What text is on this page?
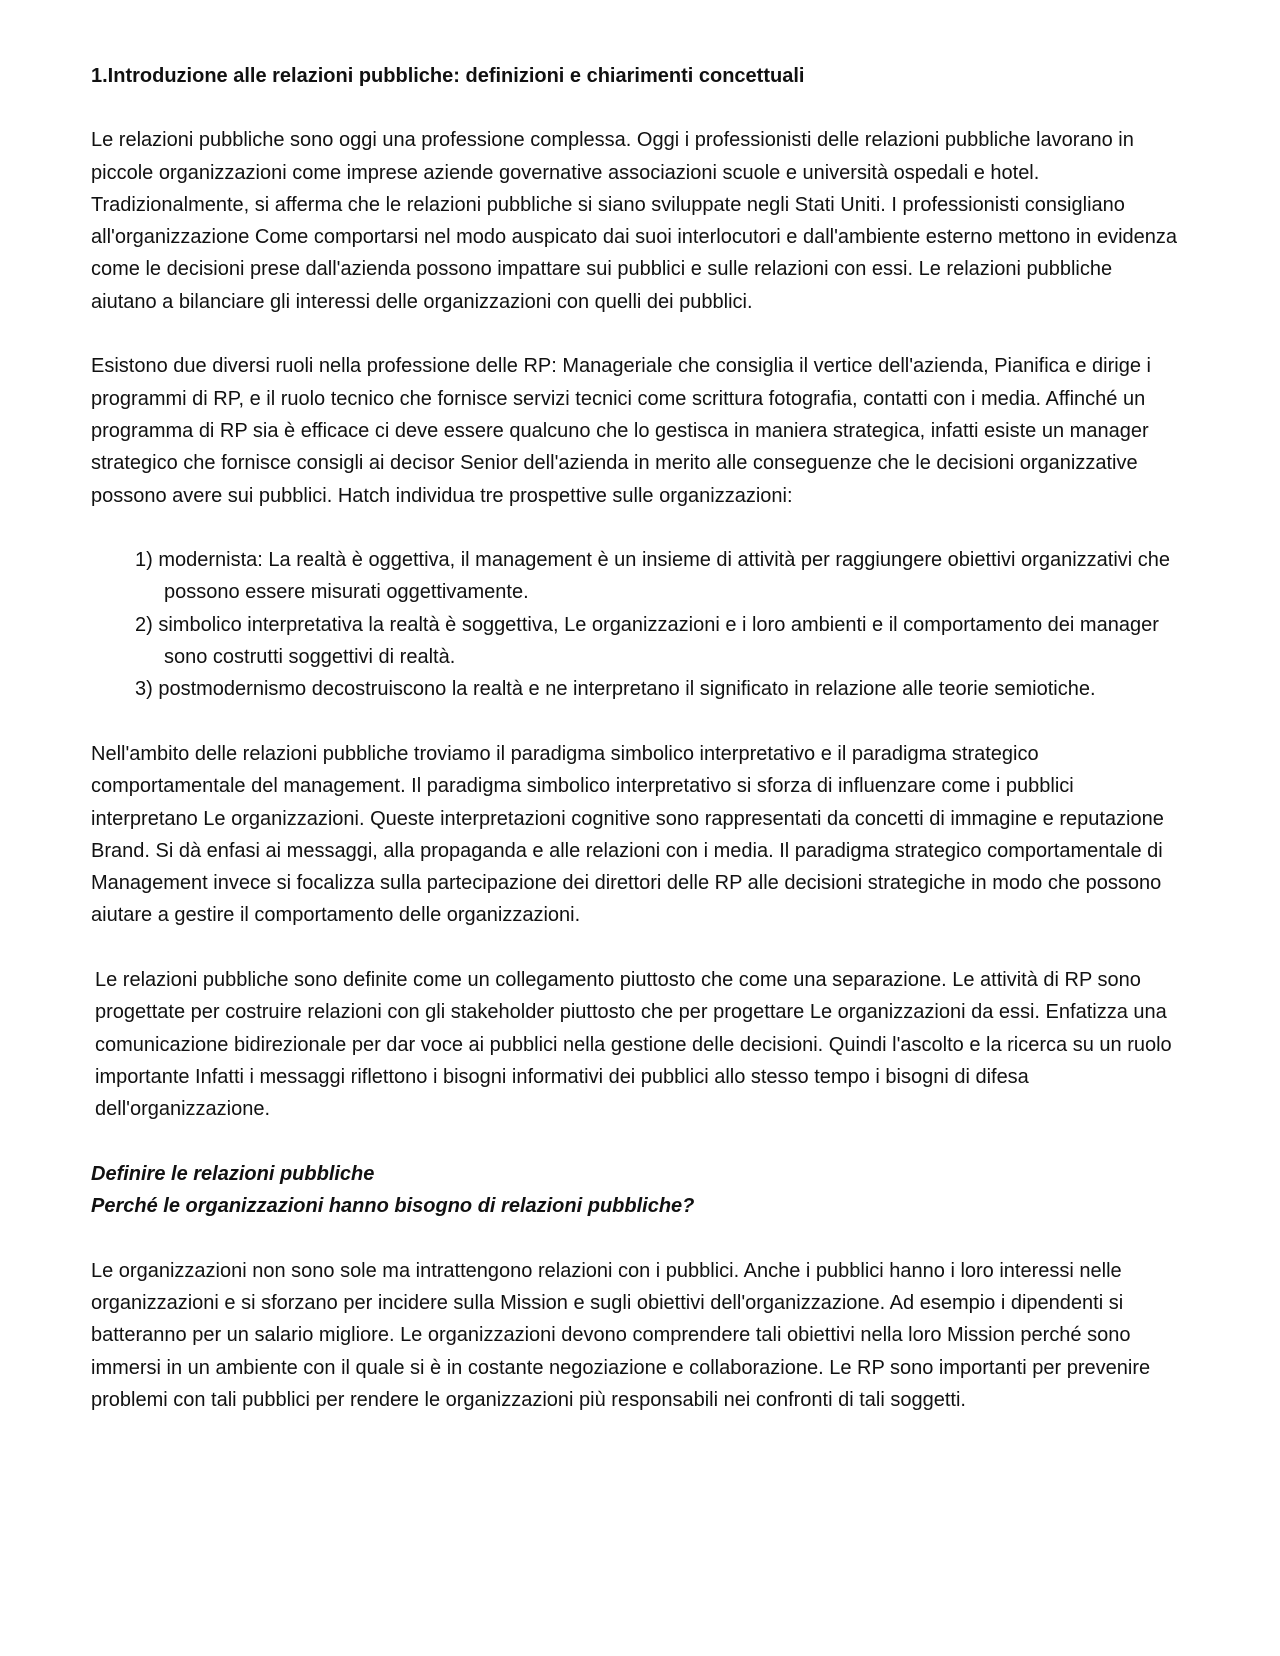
1.Introduzione alle relazioni pubbliche: definizioni e chiarimenti concettuali

Le relazioni pubbliche sono oggi una professione complessa. Oggi i professionisti delle relazioni pubbliche lavorano in piccole organizzazioni come imprese aziende governative associazioni scuole e università ospedali e hotel. Tradizionalmente, si afferma che le relazioni pubbliche si siano sviluppate negli Stati Uniti. I professionisti consigliano all'organizzazione Come comportarsi nel modo auspicato dai suoi interlocutori e dall'ambiente esterno mettono in evidenza come le decisioni prese dall'azienda possono impattare sui pubblici e sulle relazioni con essi. Le relazioni pubbliche aiutano a bilanciare gli interessi delle organizzazioni con quelli dei pubblici.

Esistono due diversi ruoli nella professione delle RP: Manageriale che consiglia il vertice dell'azienda, Pianifica e dirige i programmi di RP, e il ruolo tecnico che fornisce servizi tecnici come scrittura fotografia, contatti con i media. Affinché un programma di RP sia è efficace ci deve essere qualcuno che lo gestisca in maniera strategica, infatti esiste un manager strategico che fornisce consigli ai decisor Senior dell'azienda in merito alle conseguenze che le decisioni organizzative possono avere sui pubblici. Hatch individua tre prospettive sulle organizzazioni:

1) modernista: La realtà è oggettiva, il management è un insieme di attività per raggiungere obiettivi organizzativi che possono essere misurati oggettivamente.
2) simbolico interpretativa la realtà è soggettiva, Le organizzazioni e i loro ambienti e il comportamento dei manager sono costrutti soggettivi di realtà.
3) postmodernismo decostruiscono la realtà e ne interpretano il significato in relazione alle teorie semiotiche.

Nell'ambito delle relazioni pubbliche troviamo il paradigma simbolico interpretativo e il paradigma strategico comportamentale del management. Il paradigma simbolico interpretativo si sforza di influenzare come i pubblici interpretano Le organizzazioni. Queste interpretazioni cognitive sono rappresentati da concetti di immagine e reputazione Brand. Si dà enfasi ai messaggi, alla propaganda e alle relazioni con i media. Il paradigma strategico comportamentale di Management invece si focalizza sulla partecipazione dei direttori delle RP alle decisioni strategiche in modo che possono aiutare a gestire il comportamento delle organizzazioni.

Le relazioni pubbliche sono definite come un collegamento piuttosto che come una separazione. Le attività di RP sono progettate per costruire relazioni con gli stakeholder piuttosto che per progettare Le organizzazioni da essi. Enfatizza una comunicazione bidirezionale per dar voce ai pubblici nella gestione delle decisioni. Quindi l'ascolto e la ricerca su un ruolo importante Infatti i messaggi riflettono i bisogni informativi dei pubblici allo stesso tempo i bisogni di difesa dell'organizzazione.

Definire le relazioni pubbliche
Perché le organizzazioni hanno bisogno di relazioni pubbliche?

Le organizzazioni non sono sole ma intrattengono relazioni con i pubblici. Anche i pubblici hanno i loro interessi nelle organizzazioni e si sforzano per incidere sulla Mission e sugli obiettivi dell'organizzazione. Ad esempio i dipendenti si batteranno per un salario migliore. Le organizzazioni devono comprendere tali obiettivi nella loro Mission perché sono immersi in un ambiente con il quale si è in costante negoziazione e collaborazione. Le RP sono importanti per prevenire problemi con tali pubblici per rendere le organizzazioni più responsabili nei confronti di tali soggetti.
